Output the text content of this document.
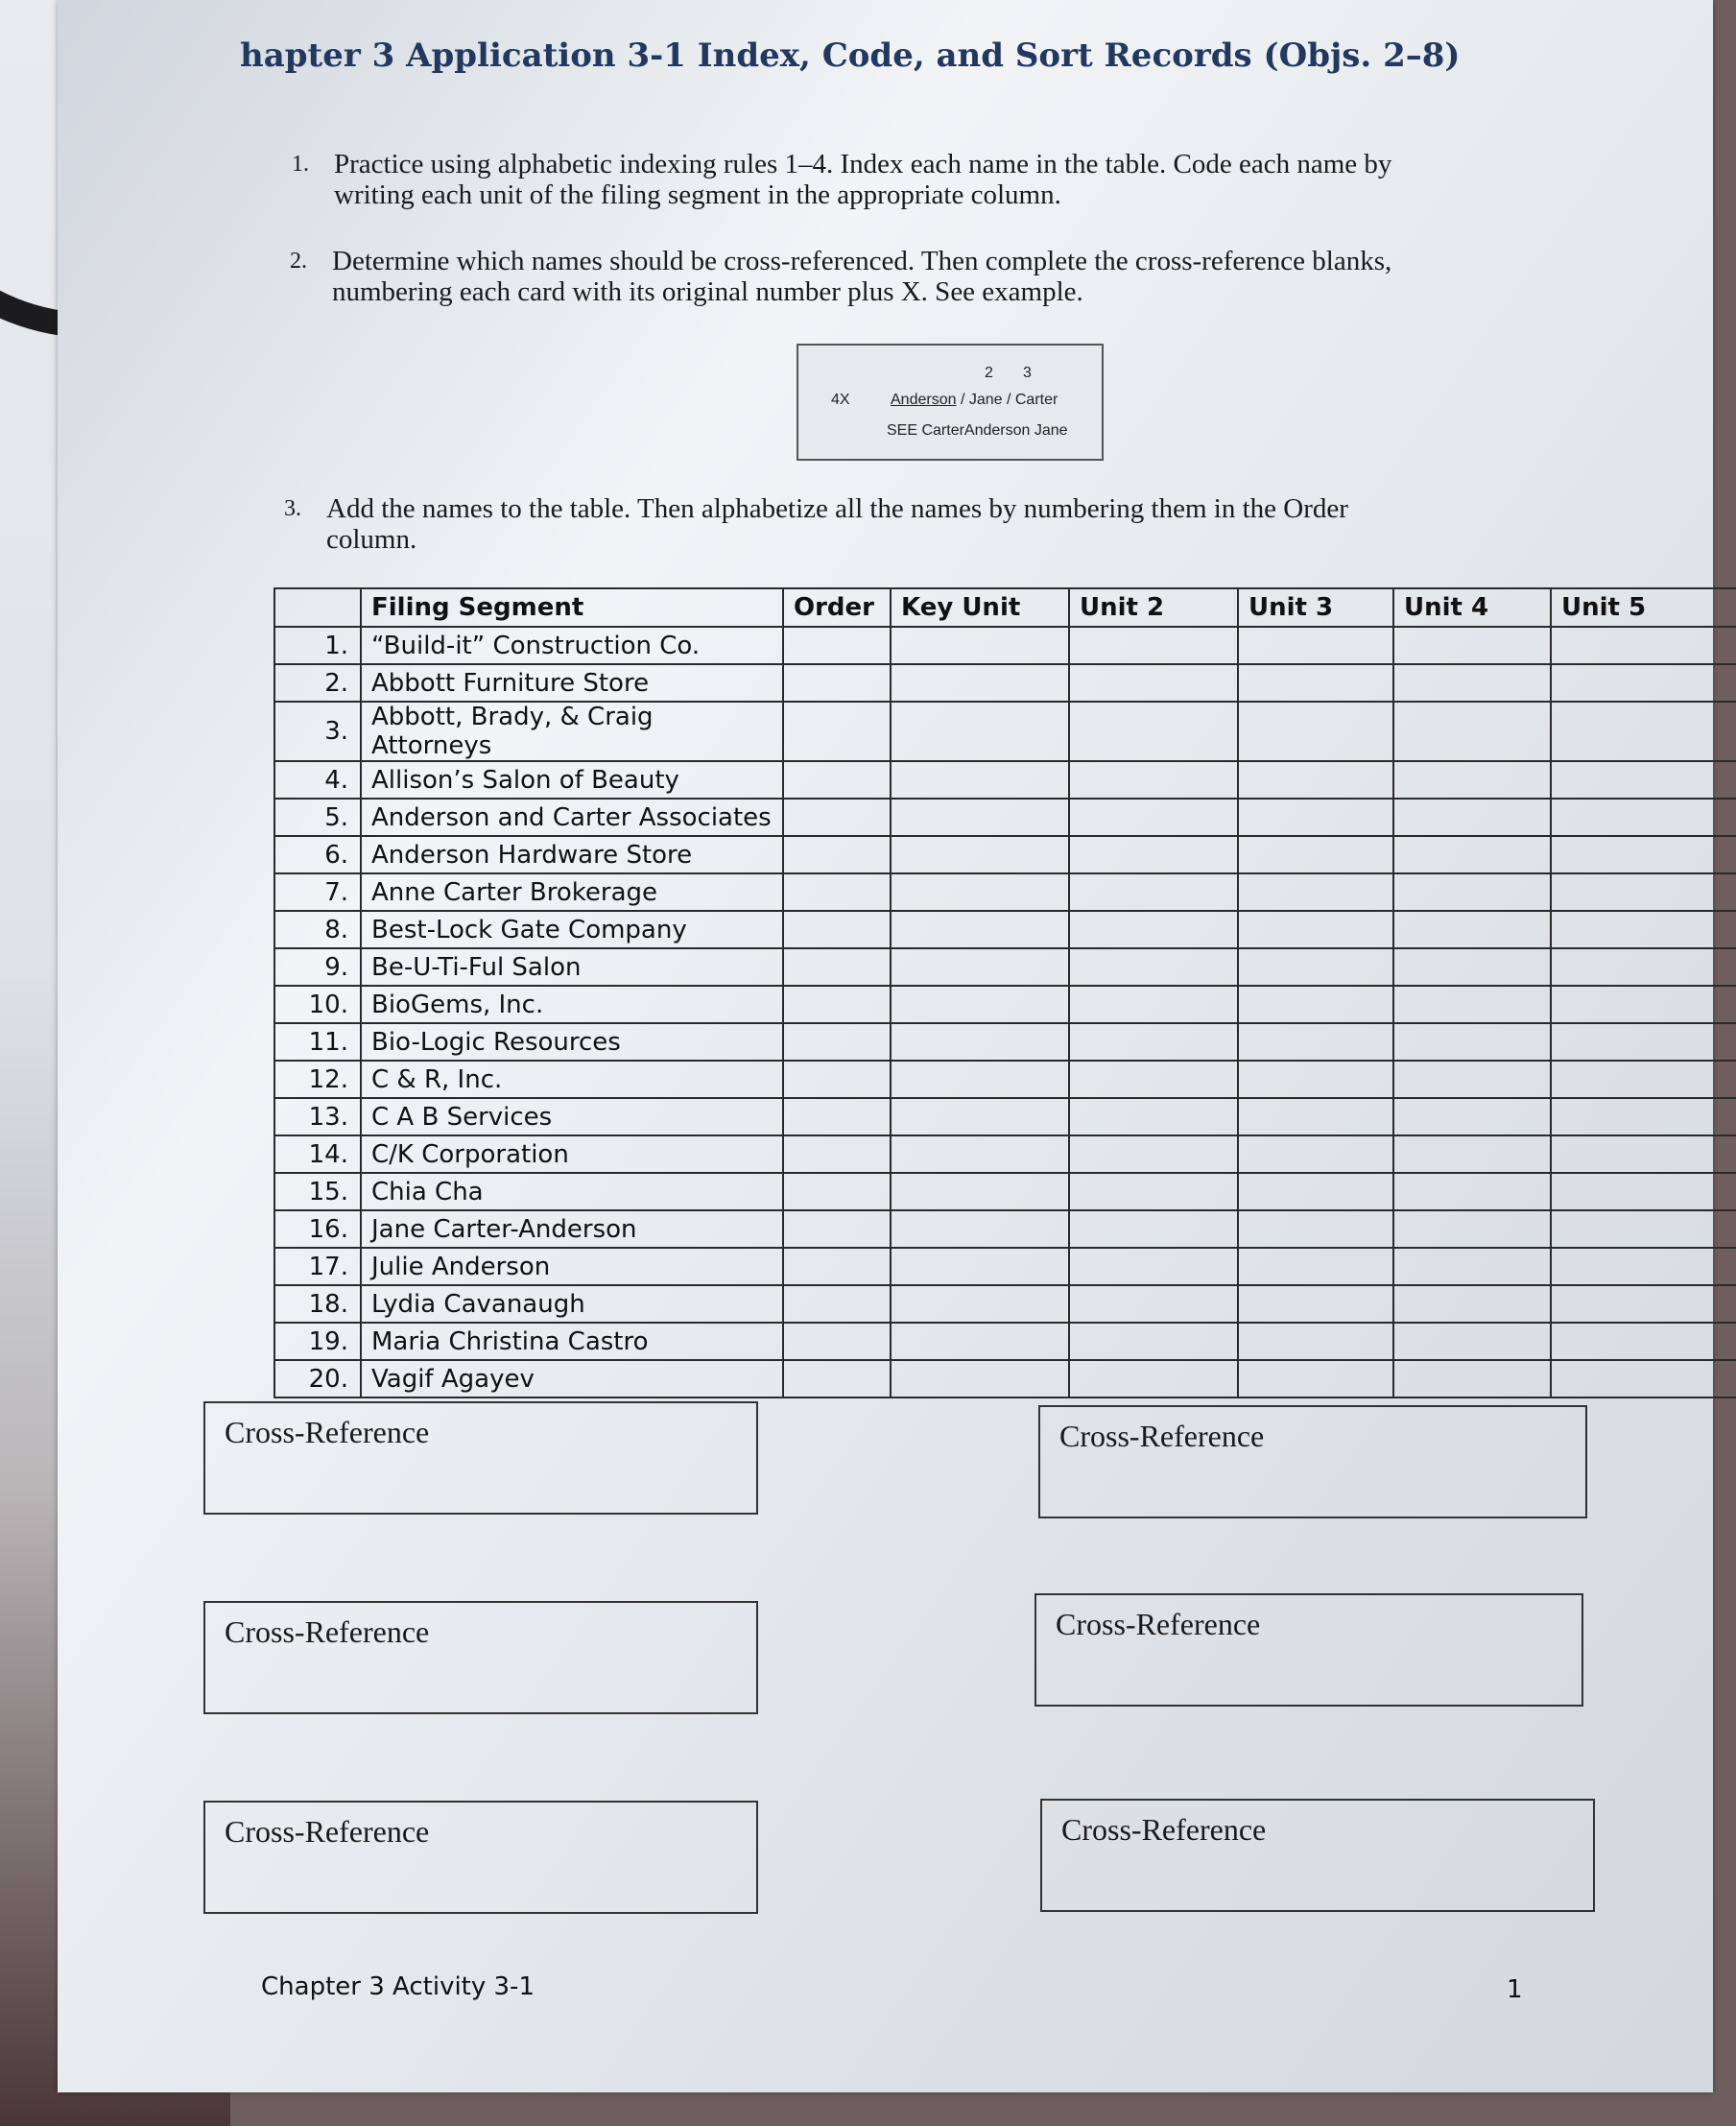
hapter 3 Application 3-1 Index, Code, and Sort Records (Objs. 2–8)
1. Practice using alphabetic indexing rules 1–4. Index each name in the table. Code each name by
writing each unit of the filing segment in the appropriate column.
2. Determine which names should be cross-referenced. Then complete the cross-reference blanks,
numbering each card with its original number plus X. See example.
2 3
4X	Anderson / Jane / Carter
SEE CarterAnderson Jane
3. Add the names to the table. Then alphabetize all the names by numbering them in the Order
column.
	Filing Segment	Order	Key Unit	Unit 2	Unit 3	Unit 4	Unit 5
1.	“Build-it” Construction Co.						
2.	Abbott Furniture Store						
3.	Abbott, Brady, & Craig Attorneys						
4.	Allison’s Salon of Beauty						
5.	Anderson and Carter Associates						
6.	Anderson Hardware Store						
7.	Anne Carter Brokerage						
8.	Best-Lock Gate Company						
9.	Be-U-Ti-Ful Salon						
10.	BioGems, Inc.						
11.	Bio-Logic Resources						
12.	C & R, Inc.						
13.	C A B Services						
14.	C/K Corporation						
15.	Chia Cha						
16.	Jane Carter-Anderson						
17.	Julie Anderson						
18.	Lydia Cavanaugh						
19.	Maria Christina Castro						
20.	Vagif Agayev						
Cross-Reference	Cross-Reference
Cross-Reference	Cross-Reference
Cross-Reference	Cross-Reference
Chapter 3 Activity 3-1	1
